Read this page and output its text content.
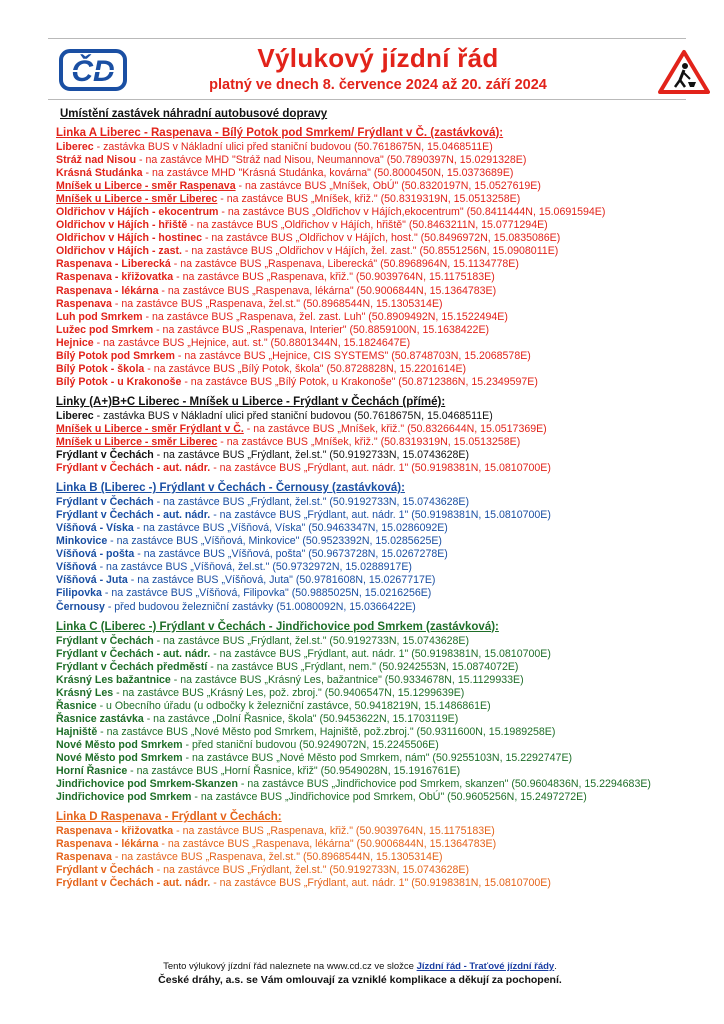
ČD	Výlukový jízdní řád
platný ve dnech 8. července 2024 až 20. září 2024
Umístění zastávek náhradní autobusové dopravy
Linka A Liberec - Raspenava - Bílý Potok pod Smrkem/ Frýdlant v Č. (zastávková):
Liberec - zastávka BUS v Nákladní ulici před staniční budovou (50.7618675N, 15.0468511E)
Stráž nad Nisou - na zastávce MHD "Stráž nad Nisou, Neumannova" (50.7890397N, 15.0291328E)
Krásná Studánka - na zastávce MHD "Krásná Studánka, kovárna" (50.8000450N, 15.0373689E)
Mníšek u Liberce - směr Raspenava - na zastávce BUS „Mníšek, ObÚ" (50.8320197N, 15.0527619E)
Mníšek u Liberce - směr Liberec - na zastávce BUS „Mníšek, křiž." (50.8319319N, 15.0513258E)
Oldřichov v Hájích - ekocentrum - na zastávce BUS „Oldřichov v Hájích,ekocentrum" (50.8411444N, 15.0691594E)
Oldřichov v Hájích - hřiště - na zastávce BUS „Oldřichov v Hájích, hřiště" (50.8463211N, 15.0771294E)
Oldřichov v Hájích - hostinec - na zastávce BUS „Oldřichov v Hájích, host." (50.8496972N, 15.0835086E)
Oldřichov v Hájích - zast. - na zastávce BUS „Oldřichov v Hájích, žel. zast." (50.8551256N, 15.0908011E)
Raspenava - Liberecká - na zastávce BUS „Raspenava, Liberecká" (50.8968964N, 15.1134778E)
Raspenava - křižovatka - na zastávce BUS „Raspenava, křiž." (50.9039764N, 15.1175183E)
Raspenava - lékárna - na zastávce BUS „Raspenava, lékárna" (50.9006844N, 15.1364783E)
Raspenava - na zastávce BUS „Raspenava, žel.st." (50.8968544N, 15.1305314E)
Luh pod Smrkem - na zastávce BUS „Raspenava, žel. zast. Luh" (50.8909492N, 15.1522494E)
Lužec pod Smrkem - na zastávce BUS „Raspenava, Interier" (50.8859100N, 15.1638422E)
Hejnice - na zastávce BUS „Hejnice, aut. st." (50.8801344N, 15.1824647E)
Bílý Potok pod Smrkem - na zastávce BUS „Hejnice, CIS SYSTEMS" (50.8748703N, 15.2068578E)
Bílý Potok - škola - na zastávce BUS „Bílý Potok, škola" (50.8728828N, 15.2201614E)
Bílý Potok - u Krakonoše - na zastávce BUS „Bílý Potok, u Krakonoše" (50.8712386N, 15.2349597E)
Linky (A+)B+C Liberec - Mníšek u Liberce - Frýdlant v Čechách (přímé):
Liberec - zastávka BUS v Nákladní ulici před staniční budovou (50.7618675N, 15.0468511E)
Mníšek u Liberce - směr Frýdlant v Č. - na zastávce BUS „Mníšek, křiž." (50.8326644N, 15.0517369E)
Mníšek u Liberce - směr Liberec - na zastávce BUS „Mníšek, křiž." (50.8319319N, 15.0513258E)
Frýdlant v Čechách - na zastávce BUS „Frýdlant, žel.st." (50.9192733N, 15.0743628E)
Frýdlant v Čechách - aut. nádr. - na zastávce BUS „Frýdlant, aut. nádr. 1" (50.9198381N, 15.0810700E)
Linka B (Liberec -) Frýdlant v Čechách - Černousy (zastávková):
Frýdlant v Čechách - na zastávce BUS „Frýdlant, žel.st." (50.9192733N, 15.0743628E)
Frýdlant v Čechách - aut. nádr. - na zastávce BUS „Frýdlant, aut. nádr. 1" (50.9198381N, 15.0810700E)
Víšňová - Víska - na zastávce BUS „Víšňová, Víska" (50.9463347N, 15.0286092E)
Minkovice - na zastávce BUS „Víšňová, Minkovice" (50.9523392N, 15.0285625E)
Víšňová - pošta - na zastávce BUS „Víšňová, pošta" (50.9673728N, 15.0267278E)
Víšňová - na zastávce BUS „Víšňová, žel.st." (50.9732972N, 15.0288917E)
Víšňová - Juta - na zastávce BUS „Víšňová, Juta" (50.9781608N, 15.0267717E)
Filipovka - na zastávce BUS „Víšňová, Filipovka" (50.9885025N, 15.0216256E)
Černousy - před budovou železniční zastávky (51.0080092N, 15.0366422E)
Linka C (Liberec -) Frýdlant v Čechách - Jindřichovice pod Smrkem (zastávková):
Frýdlant v Čechách - na zastávce BUS „Frýdlant, žel.st." (50.9192733N, 15.0743628E)
Frýdlant v Čechách - aut. nádr. - na zastávce BUS „Frýdlant, aut. nádr. 1" (50.9198381N, 15.0810700E)
Frýdlant v Čechách předměstí - na zastávce BUS „Frýdlant, nem." (50.9242553N, 15.0874072E)
Krásný Les bažantnice - na zastávce BUS „Krásný Les, bažantnice" (50.9334678N, 15.1129933E)
Krásný Les - na zastávce BUS „Krásný Les, pož. zbroj." (50.9406547N, 15.1299639E)
Řasnice - u Obecního úřadu (u odbočky k železniční zastávce, 50.9418219N, 15.1486861E)
Řasnice zastávka - na zastávce „Dolní Řasnice, škola" (50.9453622N, 15.1703119E)
Hajniště - na zastávce BUS „Nové Město pod Smrkem, Hajniště, pož.zbroj." (50.9311600N, 15.1989258E)
Nové Město pod Smrkem - před staniční budovou (50.9249072N, 15.2245506E)
Nové Město pod Smrkem - na zastávce BUS „Nové Město pod Smrkem, nám" (50.9255103N, 15.2292747E)
Horní Řasnice - na zastávce BUS „Horní Řasnice, křiž" (50.9549028N, 15.1916761E)
Jindřichovice pod Smrkem-Skanzen - na zastávce BUS „Jindřichovice pod Smrkem, skanzen" (50.9604836N, 15.2294683E)
Jindřichovice pod Smrkem - na zastávce BUS „Jindřichovice pod Smrkem, ObÚ" (50.9605256N, 15.2497272E)
Linka D Raspenava - Frýdlant v Čechách:
Raspenava - křižovatka - na zastávce BUS „Raspenava, křiž." (50.9039764N, 15.1175183E)
Raspenava - lékárna - na zastávce BUS „Raspenava, lékárna" (50.9006844N, 15.1364783E)
Raspenava - na zastávce BUS „Raspenava, žel.st." (50.8968544N, 15.1305314E)
Frýdlant v Čechách - na zastávce BUS „Frýdlant, žel.st." (50.9192733N, 15.0743628E)
Frýdlant v Čechách - aut. nádr. - na zastávce BUS „Frýdlant, aut. nádr. 1" (50.9198381N, 15.0810700E)
Tento výlukový jízdní řád naleznete na www.cd.cz ve složce Jízdní řád - Traťové jízdní řády.
České dráhy, a.s. se Vám omlouvají za vzniklé komplikace a děkují za pochopení.
